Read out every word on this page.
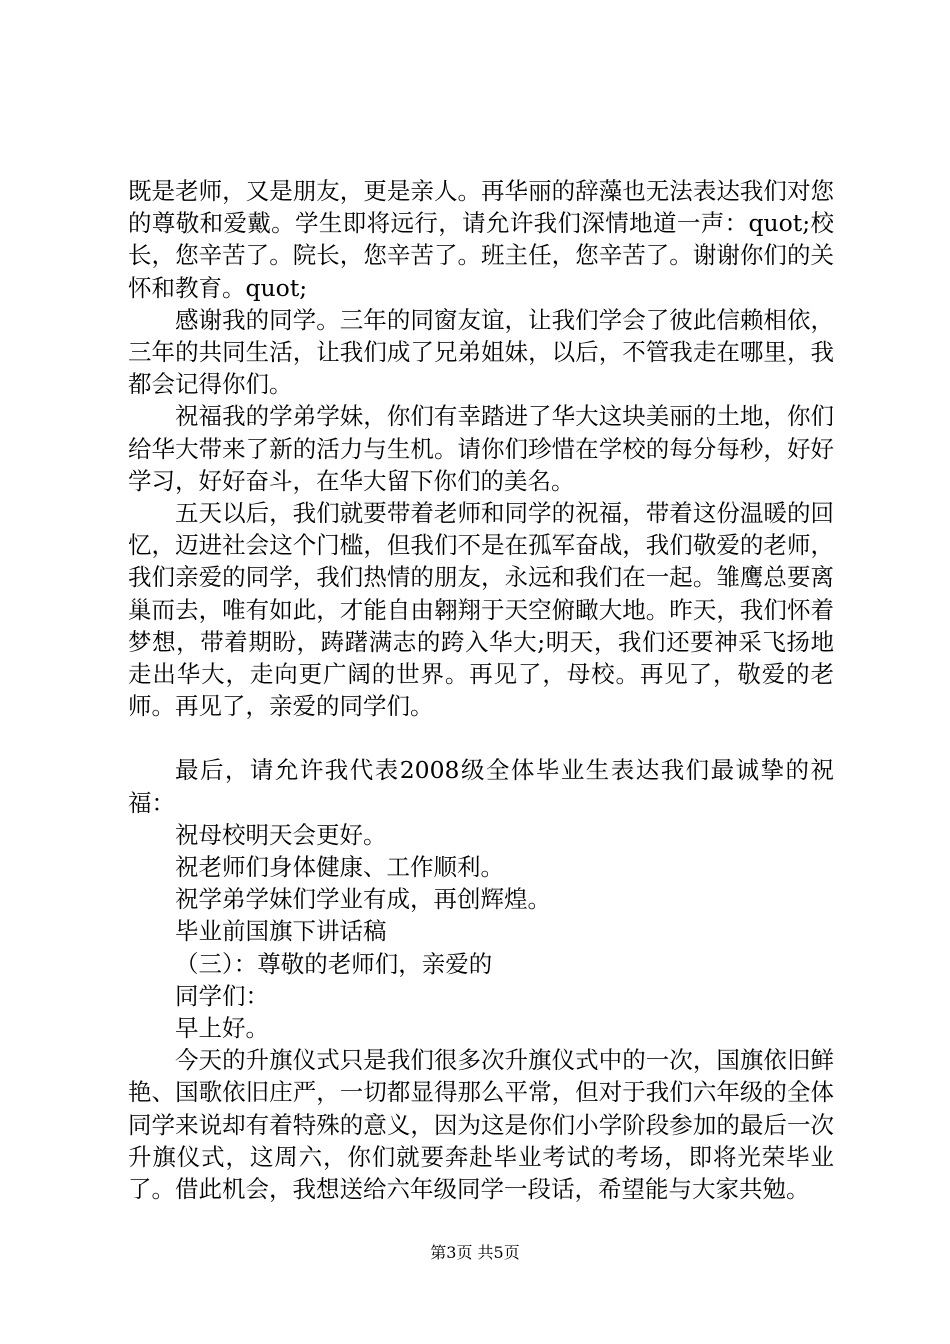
既是老师，又是朋友，更是亲人。再华丽的辞藻也无法表达我们对您的尊敬和爱戴。学生即将远行，请允许我们深情地道一声：quot;校长，您辛苦了。院长，您辛苦了。班主任，您辛苦了。谢谢你们的关怀和教育。quot;

感谢我的同学。三年的同窗友谊，让我们学会了彼此信赖相依，三年的共同生活，让我们成了兄弟姐妹，以后，不管我走在哪里，我都会记得你们。

祝福我的学弟学妹，你们有幸踏进了华大这块美丽的土地，你们给华大带来了新的活力与生机。请你们珍惜在学校的每分每秒，好好学习，好好奋斗，在华大留下你们的美名。

五天以后，我们就要带着老师和同学的祝福，带着这份温暖的回忆，迈进社会这个门槛，但我们不是在孤军奋战，我们敬爱的老师，我们亲爱的同学，我们热情的朋友，永远和我们在一起。雏鹰总要离巢而去，唯有如此，才能自由翱翔于天空俯瞰大地。昨天，我们怀着梦想，带着期盼，踌躇满志的跨入华大;明天，我们还要神采飞扬地走出华大，走向更广阔的世界。再见了，母校。再见了，敬爱的老师。再见了，亲爱的同学们。

最后，请允许我代表2008级全体毕业生表达我们最诚挚的祝福：

祝母校明天会更好。

祝老师们身体健康、工作顺利。

祝学弟学妹们学业有成，再创辉煌。

毕业前国旗下讲话稿

（三）：尊敬的老师们，亲爱的

同学们：

早上好。

今天的升旗仪式只是我们很多次升旗仪式中的一次，国旗依旧鲜艳、国歌依旧庄严，一切都显得那么平常，但对于我们六年级的全体同学来说却有着特殊的意义，因为这是你们小学阶段参加的最后一次升旗仪式，这周六，你们就要奔赴毕业考试的考场，即将光荣毕业了。借此机会，我想送给六年级同学一段话，希望能与大家共勉。

第3页 共5页
